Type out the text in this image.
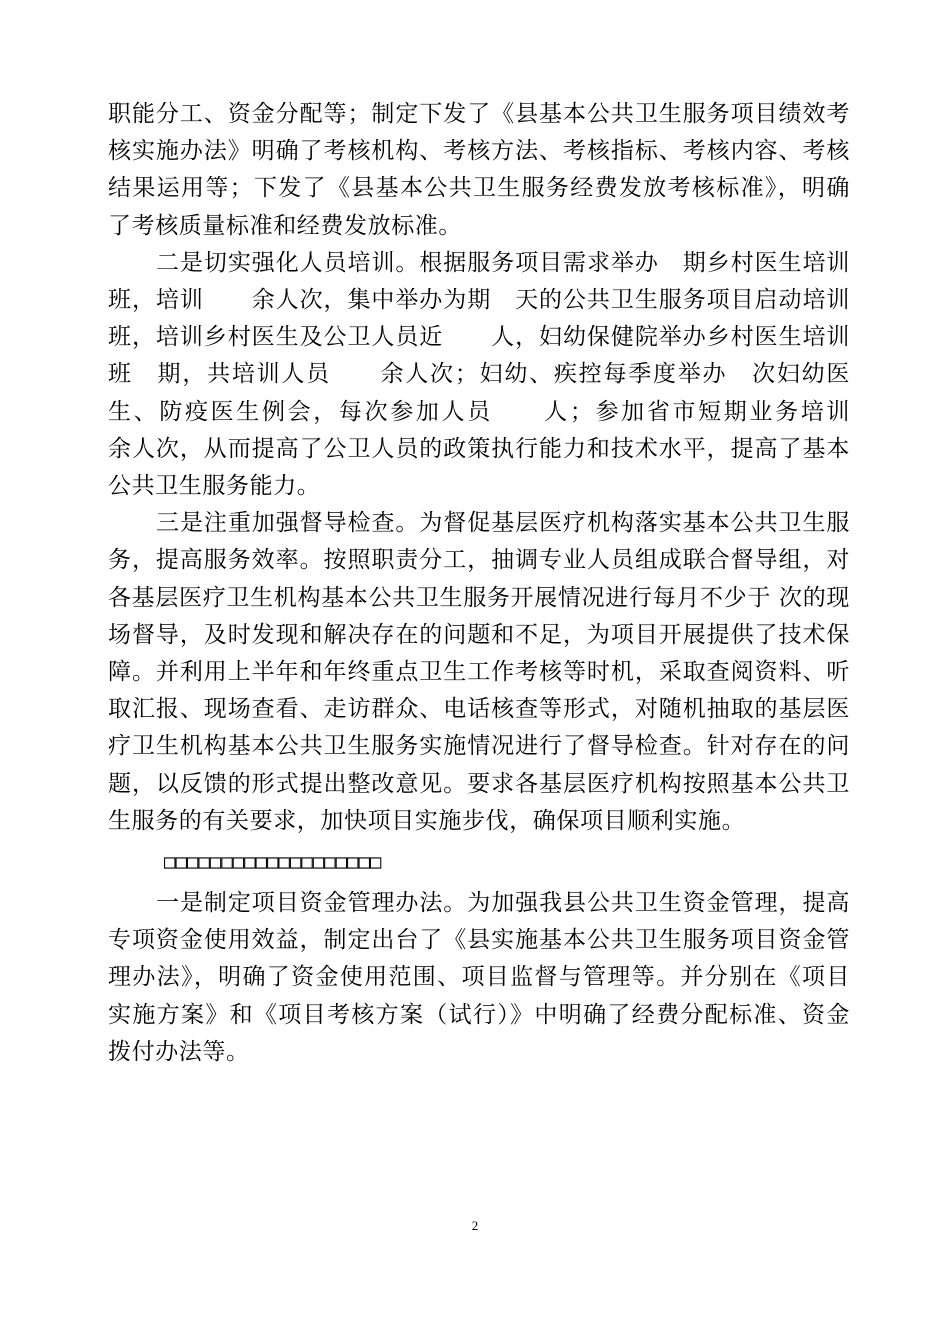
职能分工、资金分配等；制定下发了《县基本公共卫生服务项目绩效考核实施办法》明确了考核机构、考核方法、考核指标、考核内容、考核结果运用等；下发了《县基本公共卫生服务经费发放考核标准》，明确了考核质量标准和经费发放标准。

二是切实强化人员培训。根据服务项目需求举办　期乡村医生培训班，培训　　余人次，集中举办为期　天的公共卫生服务项目启动培训班，培训乡村医生及公卫人员近　　人，妇幼保健院举办乡村医生培训班　期，共培训人员　　余人次；妇幼、疾控每季度举办　次妇幼医生、防疫医生例会，每次参加人员　　人；参加省市短期业务培训　　余人次，从而提高了公卫人员的政策执行能力和技术水平，提高了基本公共卫生服务能力。

三是注重加强督导检查。为督促基层医疗机构落实基本公共卫生服务，提高服务效率。按照职责分工，抽调专业人员组成联合督导组，对各基层医疗卫生机构基本公共卫生服务开展情况进行每月不少于 次的现场督导，及时发现和解决存在的问题和不足，为项目开展提供了技术保障。并利用上半年和年终重点卫生工作考核等时机，采取查阅资料、听取汇报、现场查看、走访群众、电话核查等形式，对随机抽取的基层医疗卫生机构基本公共卫生服务实施情况进行了督导检查。针对存在的问题，以反馈的形式提出整改意见。要求各基层医疗机构按照基本公共卫生服务的有关要求，加快项目实施步伐，确保项目顺利实施。

□□□□□□□□□□□□□□□□□□□

一是制定项目资金管理办法。为加强我县公共卫生资金管理，提高专项资金使用效益，制定出台了《县实施基本公共卫生服务项目资金管理办法》，明确了资金使用范围、项目监督与管理等。并分别在《项目实施方案》和《项目考核方案（试行）》中明确了经费分配标准、资金拨付办法等。

2
